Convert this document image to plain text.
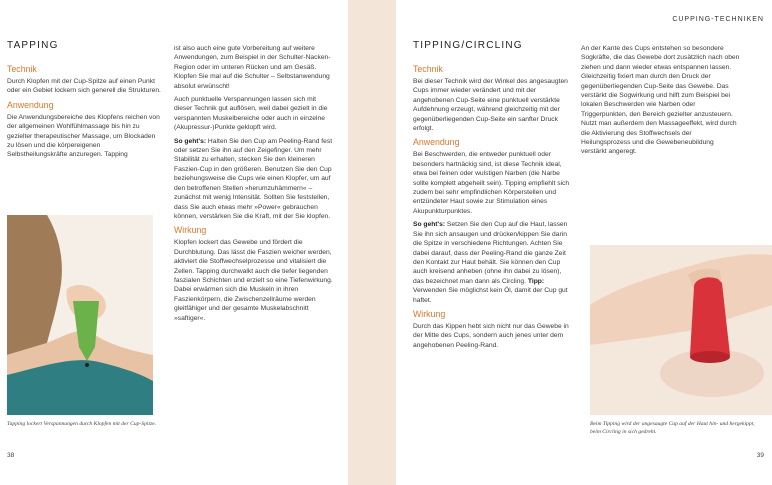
TAPPING
Technik

Durch Klopfen mit der Cup-Spitze auf einen Punkt oder ein Gebiet lockern sich generell die Strukturen.

Anwendung

Die Anwendungsbereiche des Klopfens reichen von der allgemeinen Wohlfühlmassage bis hin zu gezielter therapeutischer Massage, um Blockaden zu lösen und die körpereigenen Selbstheilungskräfte anzuregen. Tapping

Tapping lockert Verspannungen durch Klopfen mit der Cup-Spitze.

ist also auch eine gute Vorbereitung auf weitere Anwendungen, zum Beispiel in der Schulter-Nacken-Region oder im unteren Rücken und am Gesäß. Klopfen Sie mal auf die Schulter – Selbstanwendung absolut erwünscht!

Auch punktuelle Verspannungen lassen sich mit dieser Technik gut auflösen, weil dabei gezielt in die verspannten Muskelbereiche oder auch in einzelne (Akupressur-)Punkte geklopft wird.

So geht's: Halten Sie den Cup am Peeling-Rand fest oder setzen Sie ihn auf den Zeigefinger. Um mehr Stabilität zu erhalten, stecken Sie den kleineren Faszien-Cup in den größeren. Benutzen Sie den Cup beziehungsweise die Cups wie einen Klopfer, um auf den betroffenen Stellen »herumzuhämmern« – zunächst mit wenig Intensität. Sollten Sie feststellen, dass Sie auch etwas mehr »Power« gebrauchen können, verstärken Sie die Kraft, mit der Sie klopfen.

Wirkung

Klopfen lockert das Gewebe und fördert die Durchblutung. Das lässt die Faszien weicher werden, aktiviert die Stoffwechselprozesse und vitalisiert die Zellen. Tapping durchwalkt auch die tiefer liegenden faszialen Schichten und erzielt so eine Tiefenwirkung. Dabei erwärmen sich die Muskeln in ihren Faszienkörpern, die Zwischenzellräume werden gleitfähiger und der gesamte Muskelabschnitt »saftiger«.

38
CUPPING-TECHNIKEN
TIPPING/CIRCLING
Technik

Bei dieser Technik wird der Winkel des angesaugten Cups immer wieder verändert und mit der angehobenen Cup-Seite eine punktuell verstärkte Aufdehnung erzeugt, während gleichzeitig mit der gegenüberliegenden Cup-Seite ein sanfter Druck erfolgt.

Anwendung

Bei Beschwerden, die entweder punktuell oder besonders hartnäckig sind, ist diese Technik ideal, etwa bei feinen oder wulstigen Narben (die Narbe sollte komplett abgeheilt sein). Tipping empfiehlt sich zudem bei sehr empfindlichen Körperstellen und entzündeter Haut sowie zur Stimulation eines Akupunkturpunktes.

So geht's: Setzen Sie den Cup auf die Haut, lassen Sie ihn sich ansaugen und drücken/kippen Sie darin die Spitze in verschiedene Richtungen. Achten Sie dabei darauf, dass der Peeling-Rand die ganze Zeit den Kontakt zur Haut behält. Sie können den Cup auch kreisend anheben (ohne ihn dabei zu lösen), das bezeichnet man dann als Circling. Tipp: Verwenden Sie möglichst kein Öl, damit der Cup gut haftet.

Wirkung

Durch das Kippen hebt sich nicht nur das Gewebe in der Mitte des Cups, sondern auch jenes unter dem angehobenen Peeling-Rand.

An der Kante des Cups entstehen so besondere Sogkräfte, die das Gewebe dort zusätzlich nach oben ziehen und dann wieder etwas entspannen lassen. Gleichzeitig fixiert man durch den Druck der gegenüberliegenden Cup-Seite das Gewebe. Das verstärkt die Sogwirkung und hilft zum Beispiel bei lokalen Beschwerden wie Narben oder Triggerpunkten, den Bereich gezielter anzusteuern. Nutzt man außerdem den Massageeffekt, wird durch die Aktivierung des Stoffwechsels der Heilungsprozess und die Gewebeneubildung verstärkt angeregt.

Beim Tipping wird der angesaugte Cup auf der Haut hin- und hergekippt, beim Circling in sich gedreht.
39
